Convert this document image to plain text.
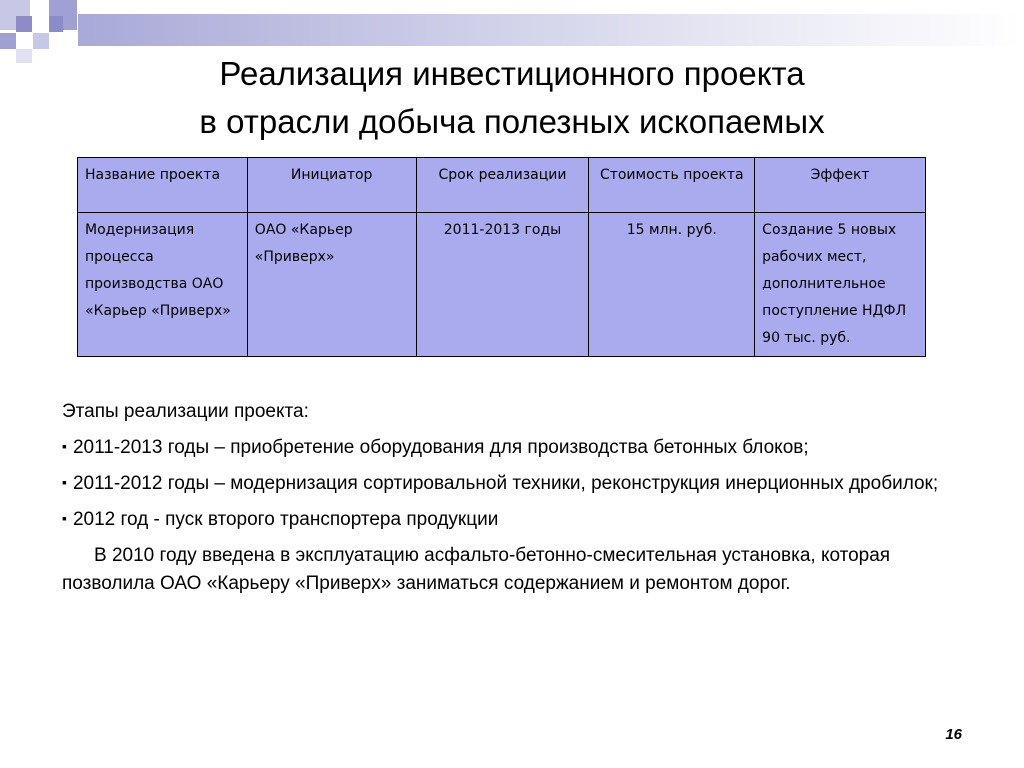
Реализация инвестиционного проекта
в отрасли добыча полезных ископаемых
Название проекта	Инициатор	Срок реализации	Стоимость проекта	Эффект
Модернизация процесса производства ОАО «Карьер «Приверх»	ОАО «Карьер «Приверх»	2011-2013 годы	15 млн. руб.	Создание 5 новых рабочих мест, дополнительное поступление НДФЛ 90 тыс. руб.

Этапы реализации проекта:

▪ 2011-2013 годы – приобретение оборудования для производства бетонных блоков;

▪ 2011-2012 годы – модернизация сортировальной техники, реконструкция инерционных дробилок;

▪ 2012 год - пуск второго транспортера продукции

В 2010 году введена в эксплуатацию асфальто-бетонно-смесительная установка, которая позволила ОАО «Карьеру «Приверх» заниматься содержанием и ремонтом дорог.

16
